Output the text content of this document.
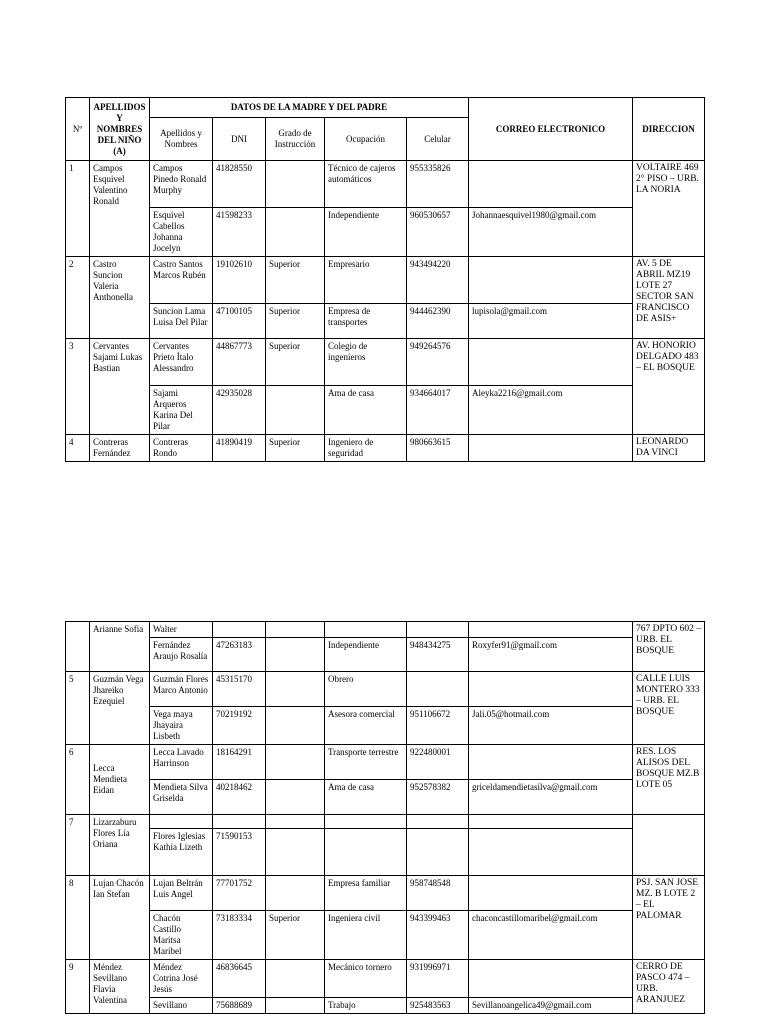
Nº	APELLIDOS Y NOMBRES DEL NIÑO (A)	DATOS DE LA MADRE Y DEL PADRE					CORREO ELECTRONICO	DIRECCION
		Apellidos y Nombres	DNI	Grado de Instrucción	Ocupación	Celular		
1	Campos Esquivel Valentino Ronald	Campos Pinedo Ronald Murphy	41828550		Técnico de cajeros automáticos	955335826		VOLTAIRE 469 2° PISO – URB. LA NORIA
		Esquivel Cabellos Johanna Jocelyn	41598233		Independiente	960530657	Johannaesquivel1980@gmail.com	
2	Castro Suncion Valeria Anthonella	Castro Santos Marcos Rubén	19102610	Superior	Empresario	943494220		AV. 5 DE ABRIL MZ19 LOTE 27 SECTOR SAN FRANCISCO DE ASIS+
		Suncion Lama Luisa Del Pilar	47100105	Superior	Empresa de transportes	944462390	lupisola@gmail.com	
3	Cervantes Sajami Lukas Bastian	Cervantes Prieto Ítalo Alessandro	44867773	Superior	Colegio de ingenieros	949264576		AV. HONORIO DELGADO 483 – EL BOSQUE
		Sajami Arqueros Karina Del Pilar	42935028		Ama de casa	934664017	Aleyka2216@gmail.com	
4	Contreras Fernández	Contreras Rondo	41890419	Superior	Ingeniero de seguridad	980663615		LEONARDO DA VINCI
	Arianne Sofia	Walter						767 DPTO 602 – URB. EL BOSQUE
		Fernández Araujo Rosalía	47263183		Independiente	948434275	Roxyfer91@gmail.com	
5	Guzmán Vega Jhareiko Ezequiel	Guzmán Flores Marco Antonio	45315170		Obrero			CALLE LUIS MONTERO 333 – URB. EL BOSQUE
		Vega maya Jhayaira Lisbeth	70219192		Asesora comercial	951106672	Jali.05@hotmail.com	
6	Lecca Mendieta Eidan	Lecca Lavado Harrinson	18164291		Transporte terrestre	922480001		RES. LOS ALISOS DEL BOSQUE MZ.B LOTE 05
		Mendieta Silva Griselda	40218462		Ama de casa	952578382	griceldamendietasilva@gmail.com	
7	Lizarzaburu Flores Lía Oriana							
		Flores Iglesias Kathia Lizeth	71590153					
8	Lujan Chacón Ian Stefan	Lujan Beltrán Luis Angel	77701752		Empresa familiar	958748548		PSJ. SAN JOSE MZ. B LOTE 2 – EL PALOMAR
		Chacón Castillo Maritsa Maribel	73183334	Superior	Ingeniera civil	943399463	chaconcastillomaribel@gmail.com	
9	Méndez Sevillano Flavia Valentina	Méndez Cotrina José Jesús	46836645		Mecánico tornero	931996971		CERRO DE PASCO 474 – URB. ARANJUEZ
		Sevillano	75688689		Trabajo	925483563	Sevillanoangelica49@gmail.com	
